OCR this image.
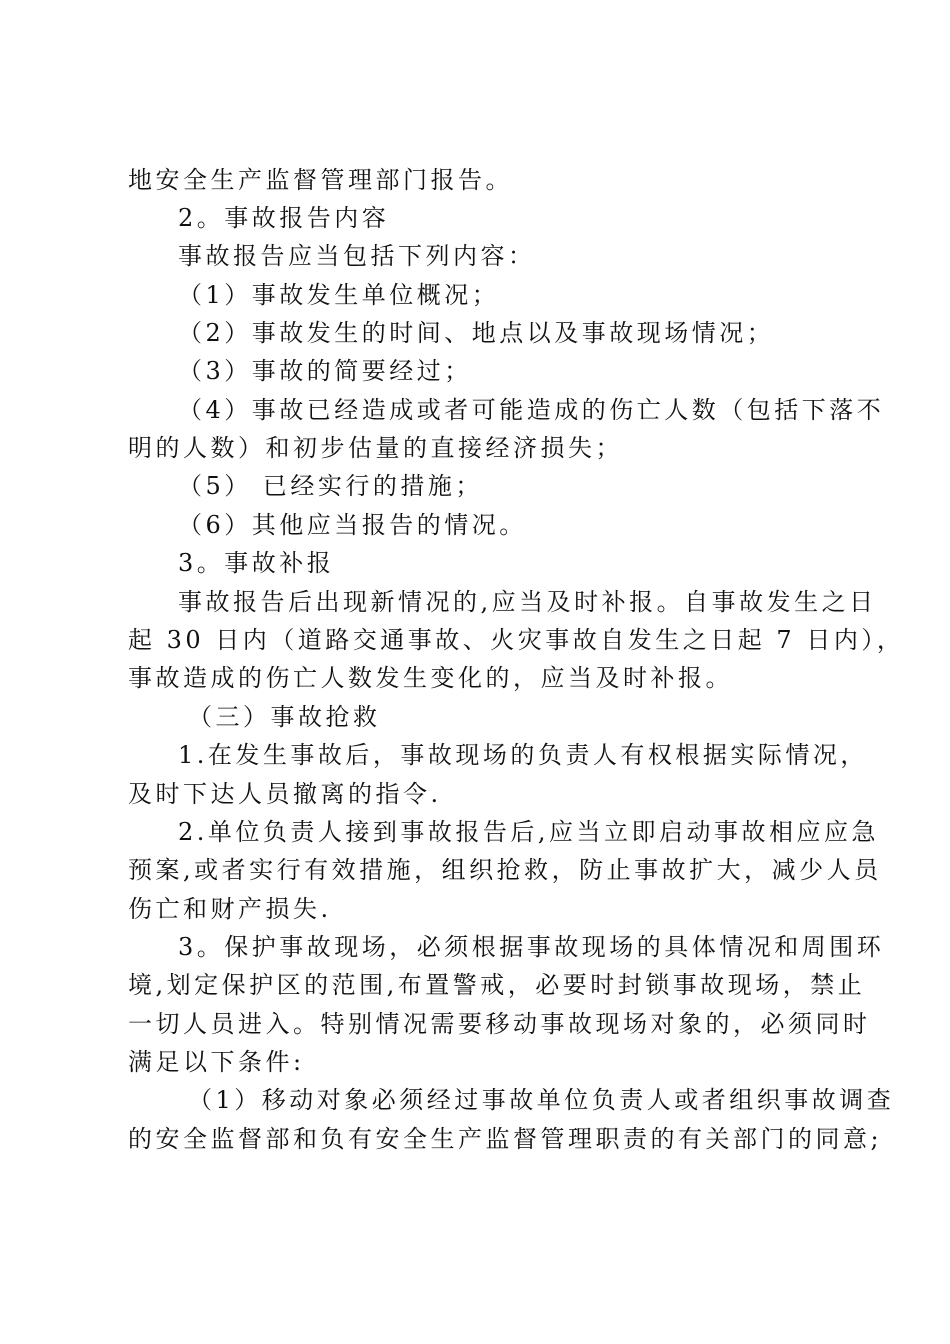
地安全生产监督管理部门报告。
2。事故报告内容
事故报告应当包括下列内容：
（1）事故发生单位概况；
（2）事故发生的时间、地点以及事故现场情况；
（3）事故的简要经过；
（4）事故已经造成或者可能造成的伤亡人数（包括下落不
明的人数）和初步估量的直接经济损失；
（5） 已经实行的措施；
（6）其他应当报告的情况。
3。事故补报
事故报告后出现新情况的,应当及时补报。自事故发生之日
起 30 日内（道路交通事故、火灾事故自发生之日起 7 日内），
事故造成的伤亡人数发生变化的，应当及时补报。
（三）事故抢救
1.在发生事故后，事故现场的负责人有权根据实际情况，
及时下达人员撤离的指令.
2.单位负责人接到事故报告后,应当立即启动事故相应应急
预案,或者实行有效措施，组织抢救，防止事故扩大，减少人员
伤亡和财产损失.
3。保护事故现场，必须根据事故现场的具体情况和周围环
境,划定保护区的范围,布置警戒，必要时封锁事故现场，禁止
一切人员进入。特别情况需要移动事故现场对象的，必须同时
满足以下条件:
（1）移动对象必须经过事故单位负责人或者组织事故调查
的安全监督部和负有安全生产监督管理职责的有关部门的同意;
